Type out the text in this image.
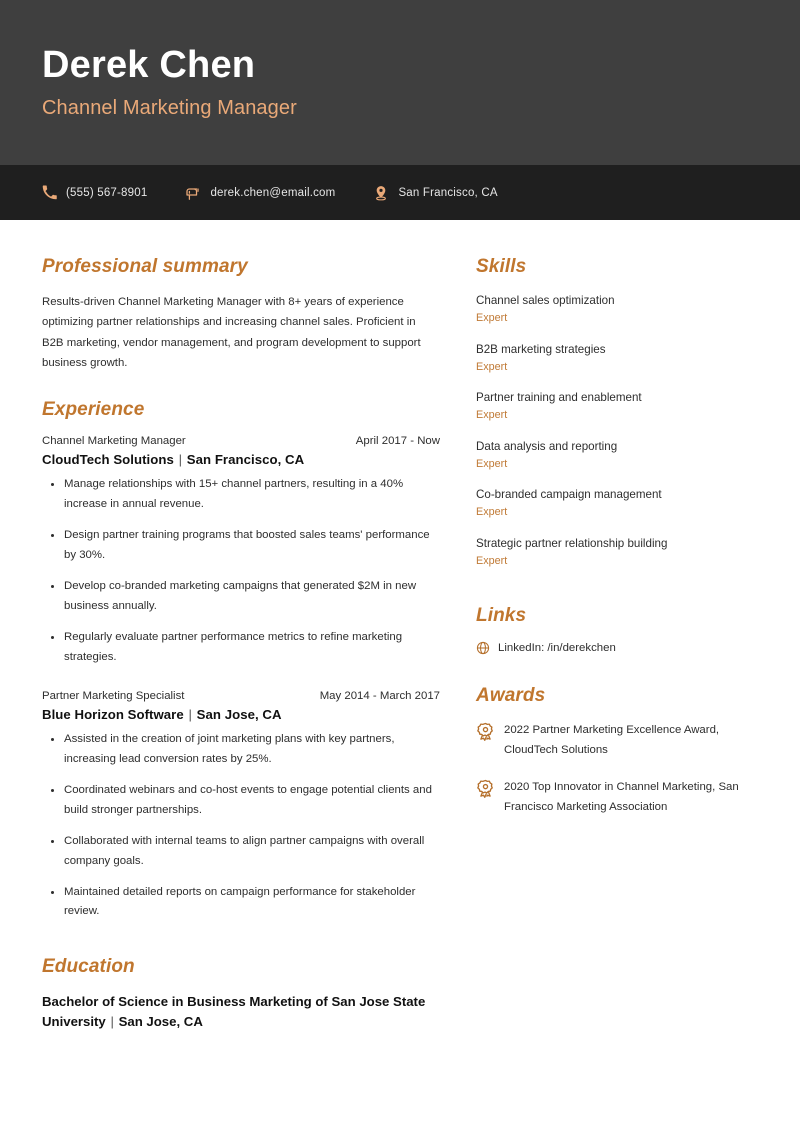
Derek Chen
Channel Marketing Manager
(555) 567-8901	derek.chen@email.com	San Francisco, CA
Professional summary

Results-driven Channel Marketing Manager with 8+ years of experience optimizing partner relationships and increasing channel sales. Proficient in B2B marketing, vendor management, and program development to support business growth.

Experience
Channel Marketing Manager	April 2017 - Now
CloudTech Solutions | San Francisco, CA
Manage relationships with 15+ channel partners, resulting in a 40% increase in annual revenue.
Design partner training programs that boosted sales teams' performance by 30%.
Develop co-branded marketing campaigns that generated $2M in new business annually.
Regularly evaluate partner performance metrics to refine marketing strategies.
Partner Marketing Specialist	May 2014 - March 2017
Blue Horizon Software | San Jose, CA
Assisted in the creation of joint marketing plans with key partners, increasing lead conversion rates by 25%.
Coordinated webinars and co-host events to engage potential clients and build stronger partnerships.
Collaborated with internal teams to align partner campaigns with overall company goals.
Maintained detailed reports on campaign performance for stakeholder review.
Education
Bachelor of Science in Business Marketing of San Jose State University | San Jose, CA
Skills
Channel sales optimization
Expert
B2B marketing strategies
Expert
Partner training and enablement
Expert
Data analysis and reporting
Expert
Co-branded campaign management
Expert
Strategic partner relationship building
Expert
Links
LinkedIn: /in/derekchen
Awards
2022 Partner Marketing Excellence Award, CloudTech Solutions
2020 Top Innovator in Channel Marketing, San Francisco Marketing Association
